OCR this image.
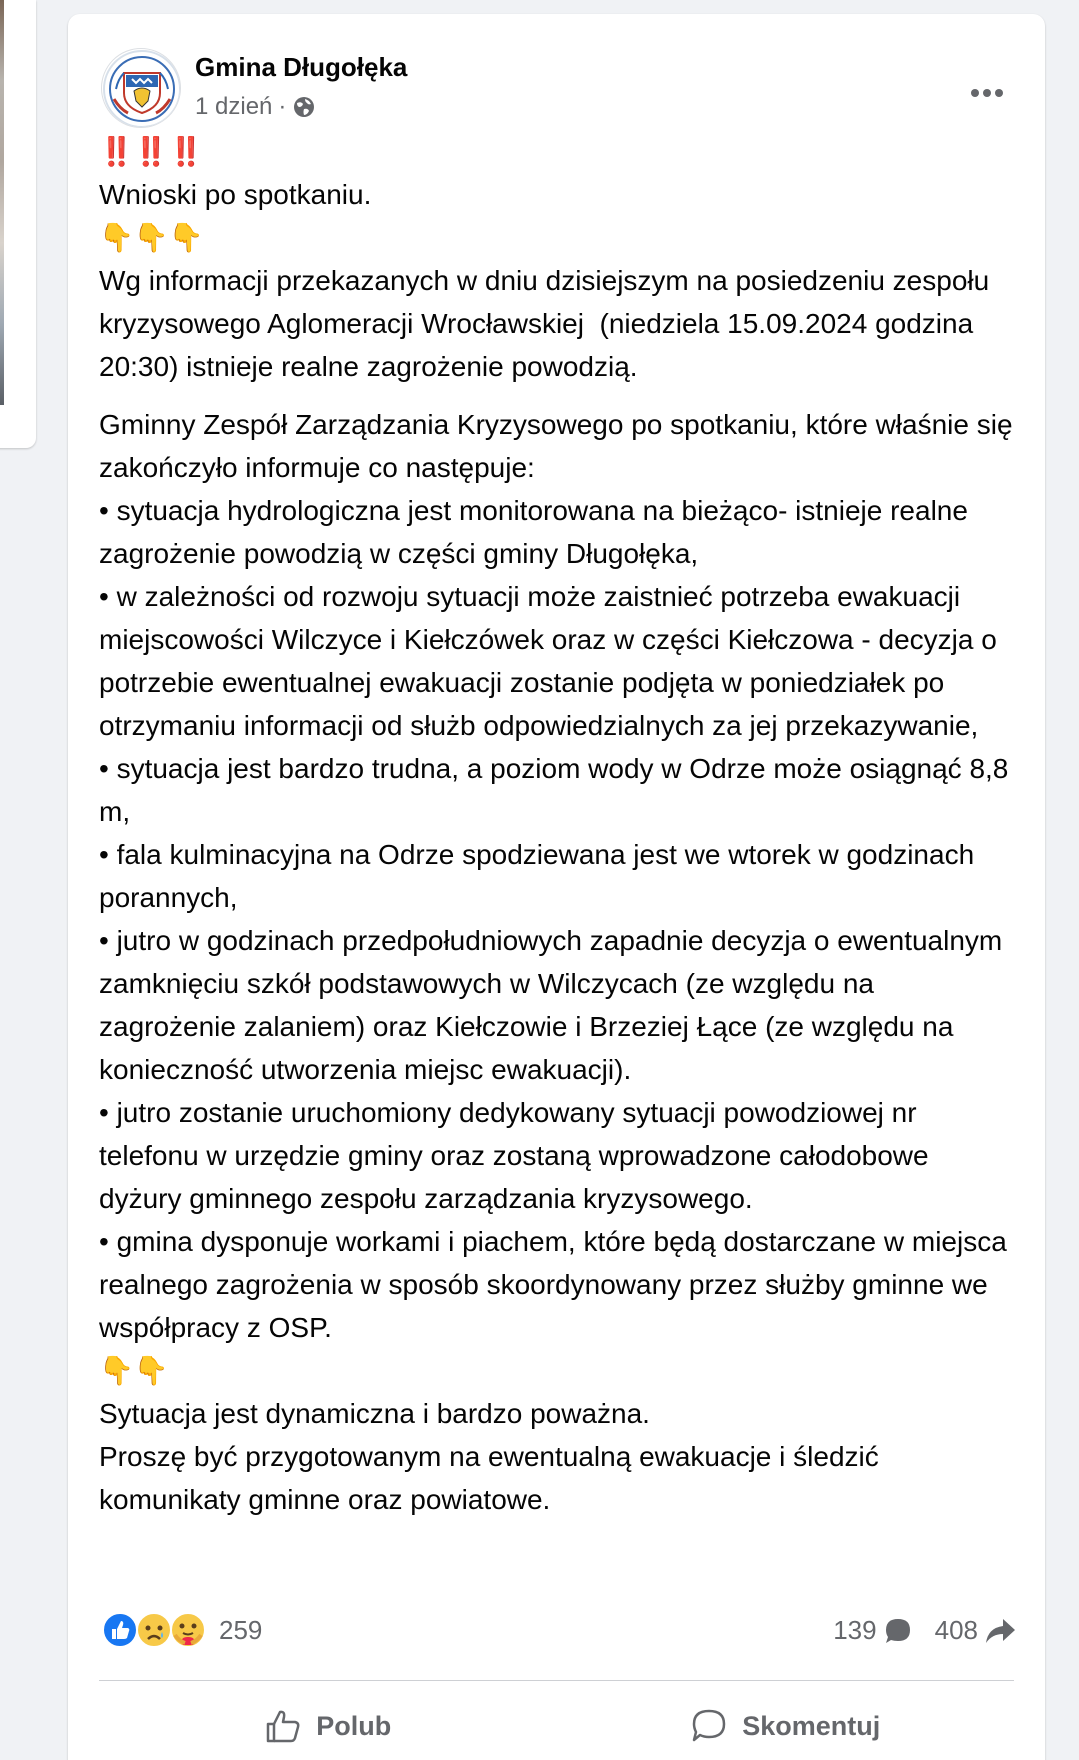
Gmina Długołęka
1 dzień ·
‼️‼️‼️
Wnioski po spotkaniu.
👇👇👇
Wg informacji przekazanych w dniu dzisiejszym na posiedzeniu zespołu kryzysowego Aglomeracji Wrocławskiej  (niedziela 15.09.2024 godzina 20:30) istnieje realne zagrożenie powodzią.
Gminny Zespół Zarządzania Kryzysowego po spotkaniu, które właśnie się zakończyło informuje co następuje:
• sytuacja hydrologiczna jest monitorowana na bieżąco- istnieje realne zagrożenie powodzią w części gminy Długołęka,
• w zależności od rozwoju sytuacji może zaistnieć potrzeba ewakuacji miejscowości Wilczyce i Kiełczówek oraz w części Kiełczowa - decyzja o potrzebie ewentualnej ewakuacji zostanie podjęta w poniedziałek po otrzymaniu informacji od służb odpowiedzialnych za jej przekazywanie,
• sytuacja jest bardzo trudna, a poziom wody w Odrze może osiągnąć 8,8 m,
• fala kulminacyjna na Odrze spodziewana jest we wtorek w godzinach porannych,
• jutro w godzinach przedpołudniowych zapadnie decyzja o ewentualnym zamknięciu szkół podstawowych w Wilczycach (ze względu na zagrożenie zalaniem) oraz Kiełczowie i Brzeziej Łące (ze względu na konieczność utworzenia miejsc ewakuacji).
• jutro zostanie uruchomiony dedykowany sytuacji powodziowej nr telefonu w urzędzie gminy oraz zostaną wprowadzone całodobowe dyżury gminnego zespołu zarządzania kryzysowego.
• gmina dysponuje workami i piachem, które będą dostarczane w miejsca realnego zagrożenia w sposób skoordynowany przez służby gminne we współpracy z OSP.
👇👇
Sytuacja jest dynamiczna i bardzo poważna.
Proszę być przygotowanym na ewentualną ewakuacje i śledzić komunikaty gminne oraz powiatowe.
259	139 408
Polub	Skomentuj
